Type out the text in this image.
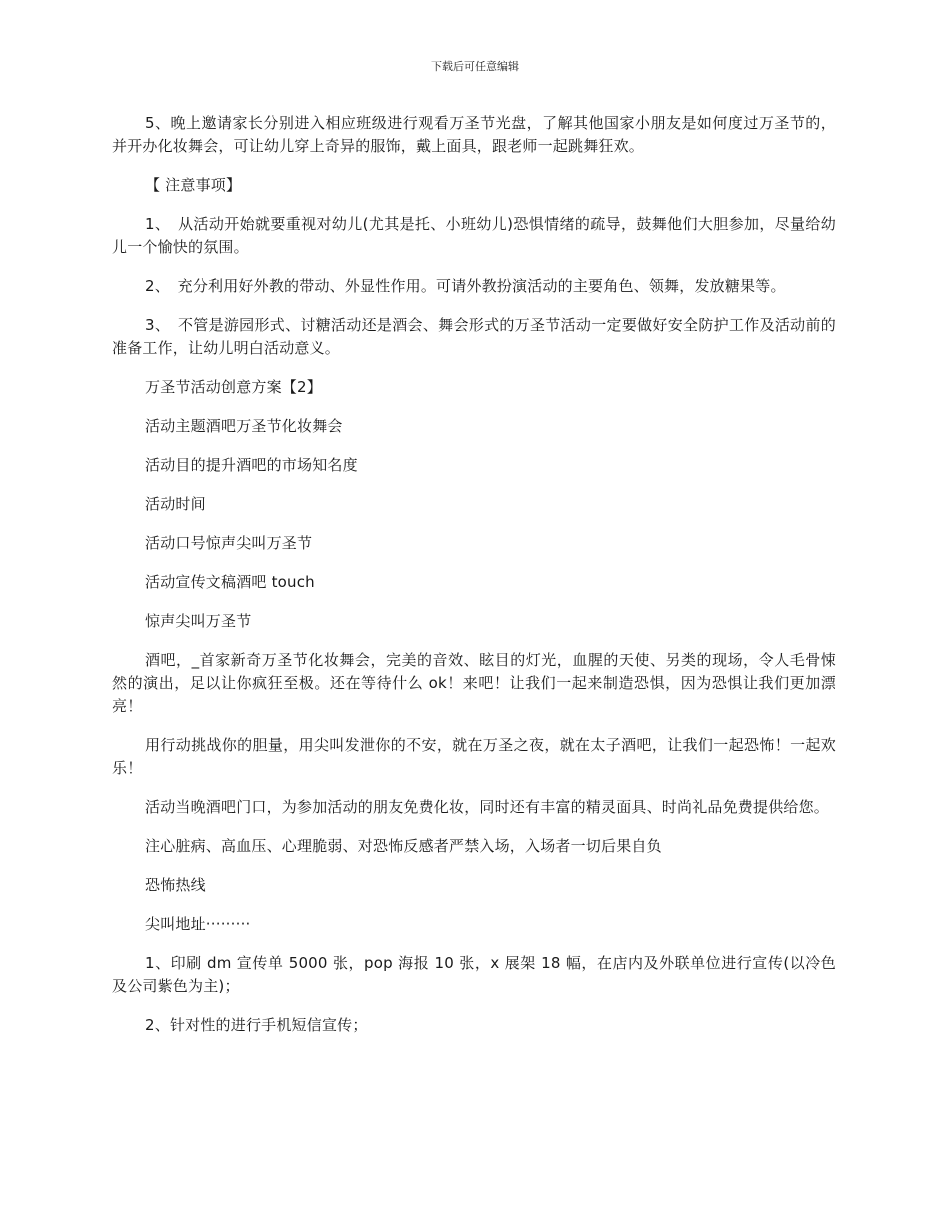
下载后可任意编辑

5、晚上邀请家长分别进入相应班级进行观看万圣节光盘，了解其他国家小朋友是如何度过万圣节的，并开办化妆舞会，可让幼儿穿上奇异的服饰，戴上面具，跟老师一起跳舞狂欢。

【 注意事项】

1、　从活动开始就要重视对幼儿(尤其是托、小班幼儿)恐惧情绪的疏导，鼓舞他们大胆参加，尽量给幼儿一个愉快的氛围。

2、　充分利用好外教的带动、外显性作用。可请外教扮演活动的主要角色、领舞，发放糖果等。

3、　不管是游园形式、讨糖活动还是酒会、舞会形式的万圣节活动一定要做好安全防护工作及活动前的准备工作，让幼儿明白活动意义。

万圣节活动创意方案【2】

活动主题酒吧万圣节化妆舞会

活动目的提升酒吧的市场知名度

活动时间

活动口号惊声尖叫万圣节

活动宣传文稿酒吧 touch

惊声尖叫万圣节

酒吧，_首家新奇万圣节化妆舞会，完美的音效、眩目的灯光，血腥的天使、另类的现场，令人毛骨悚然的演出，足以让你疯狂至极。还在等待什么 ok！来吧！让我们一起来制造恐惧，因为恐惧让我们更加漂亮！

用行动挑战你的胆量，用尖叫发泄你的不安，就在万圣之夜，就在太子酒吧，让我们一起恐怖！一起欢乐！

活动当晚酒吧门口，为参加活动的朋友免费化妆，同时还有丰富的精灵面具、时尚礼品免费提供给您。

注心脏病、高血压、心理脆弱、对恐怖反感者严禁入场，入场者一切后果自负

恐怖热线

尖叫地址·········

1、印刷 dm 宣传单 5000 张，pop 海报 10 张，x 展架 18 幅，在店内及外联单位进行宣传(以冷色及公司紫色为主)；

2、针对性的进行手机短信宣传；
